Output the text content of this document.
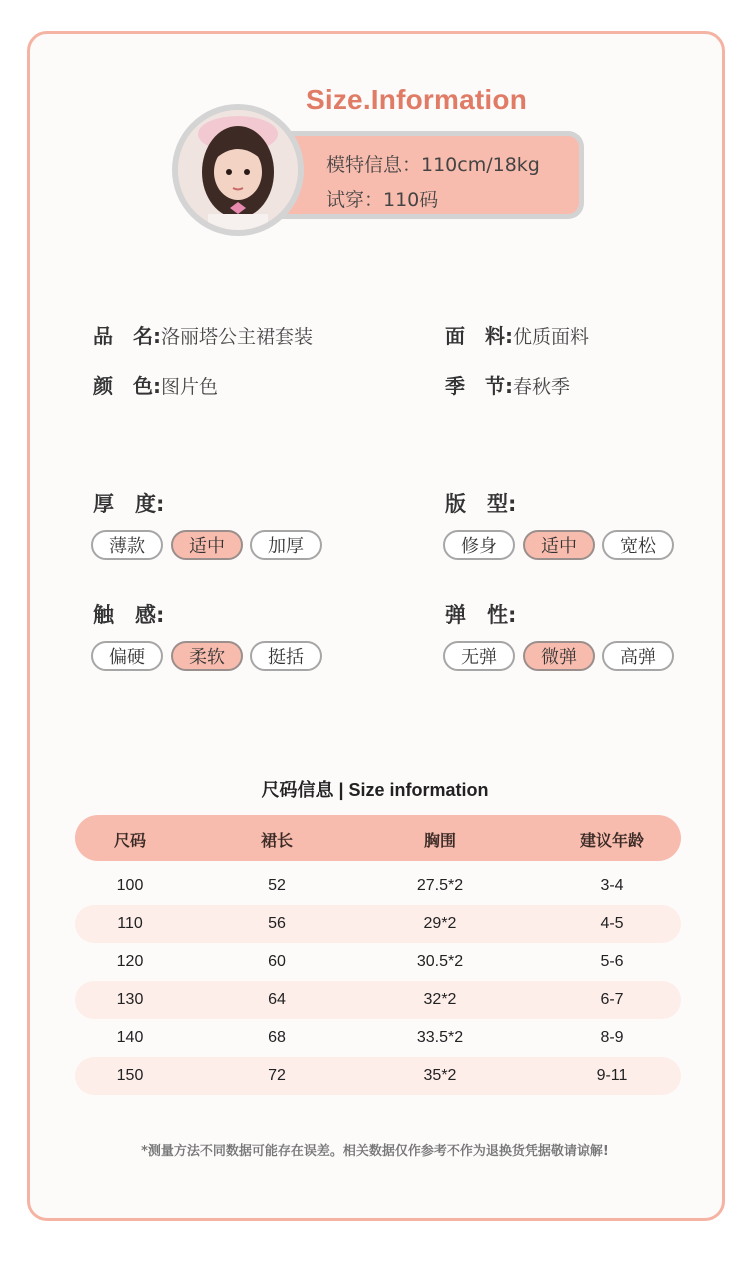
Size.Information
模特信息：110cm/18kg
试穿：110码
品　名:洛丽塔公主裙套装	面　料:优质面料
颜　色:图片色	季　节:春秋季
厚　度:
薄款	适中	加厚
版　型:
修身	适中	宽松
触　感:
偏硬	柔软	挺括
弹　性:
无弹	微弹	高弹
尺码信息 | Size information
尺码	裙长	胸围	建议年龄
100	52	27.5*2	3-4
110	56	29*2	4-5
120	60	30.5*2	5-6
130	64	32*2	6-7
140	68	33.5*2	8-9
150	72	35*2	9-11
*测量方法不同数据可能存在误差。相关数据仅作参考不作为退换货凭据敬请谅解!
